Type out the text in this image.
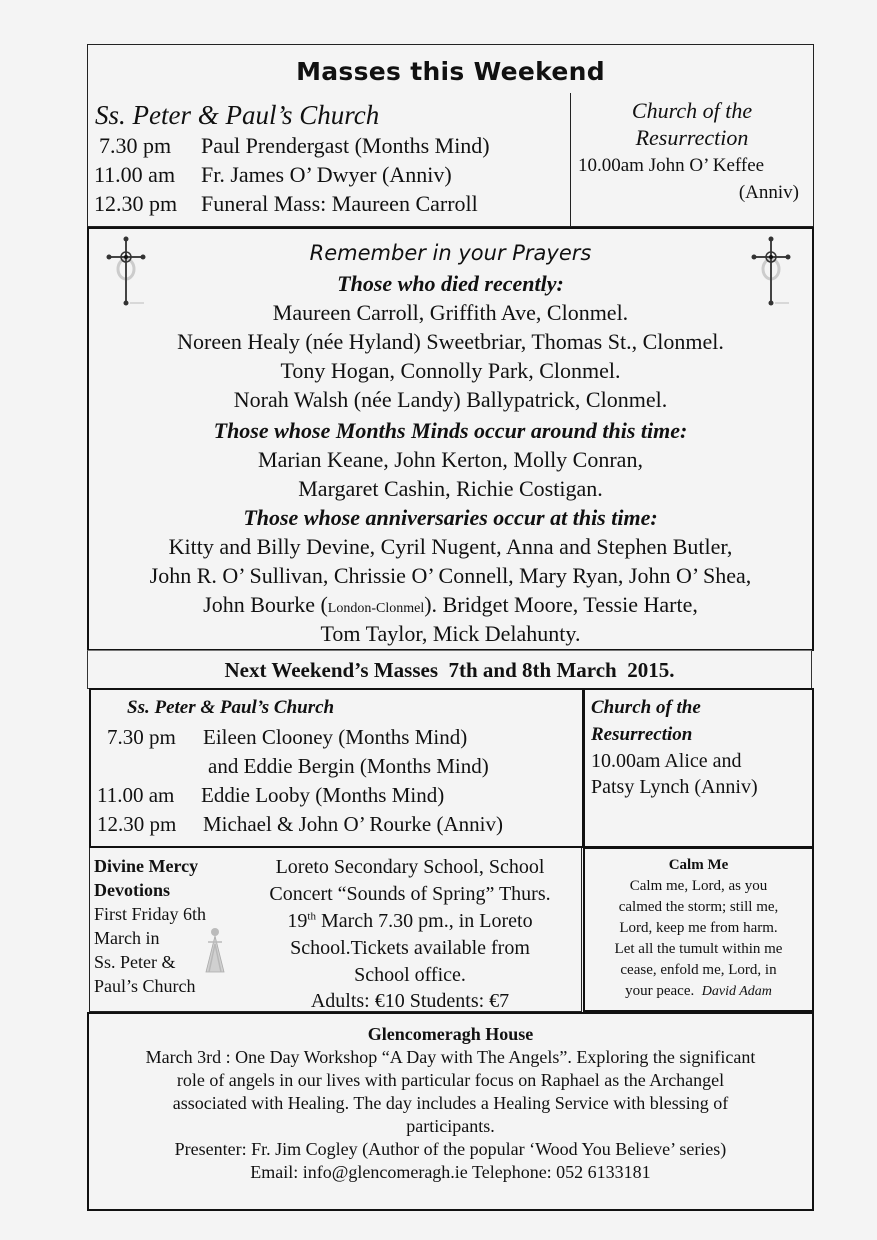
Masses this Weekend
Ss. Peter & Paul’s Church
7.30 pm Paul Prendergast (Months Mind)
11.00 am Fr. James O’ Dwyer (Anniv)
12.30 pm Funeral Mass: Maureen Carroll
Church of the
Resurrection
10.00am John O’ Keffee
(Anniv)
Remember in your Prayers
Those who died recently:
Maureen Carroll, Griffith Ave, Clonmel.
Noreen Healy (née Hyland) Sweetbriar, Thomas St., Clonmel.
Tony Hogan, Connolly Park, Clonmel.
Norah Walsh (née Landy) Ballypatrick, Clonmel.
Those whose Months Minds occur around this time:
Marian Keane, John Kerton, Molly Conran,
Margaret Cashin, Richie Costigan.
Those whose anniversaries occur at this time:
Kitty and Billy Devine, Cyril Nugent, Anna and Stephen Butler,
John R. O’ Sullivan, Chrissie O’ Connell, Mary Ryan, John O’ Shea,
John Bourke (London-Clonmel). Bridget Moore, Tessie Harte,
Tom Taylor, Mick Delahunty.
Next Weekend’s Masses  7th and 8th March  2015.
Ss. Peter & Paul’s Church
7.30 pm Eileen Clooney (Months Mind)
and Eddie Bergin (Months Mind)
11.00 am Eddie Looby (Months Mind)
12.30 pm Michael & John O’ Rourke (Anniv)
Church of the
Resurrection
10.00am Alice and
Patsy Lynch (Anniv)
Divine Mercy
Devotions
First Friday 6th
March in
Ss. Peter &
Paul’s Church
Loreto Secondary School, School
Concert “Sounds of Spring” Thurs.
19th March 7.30 pm., in Loreto
School.Tickets available from
School office.
Adults: €10 Students: €7
Calm Me
Calm me, Lord, as you
calmed the storm; still me,
Lord, keep me from harm.
Let all the tumult within me
cease, enfold me, Lord, in
your peace. David Adam
Glencomeragh House
March 3rd : One Day Workshop “A Day with The Angels”. Exploring the significant
role of angels in our lives with particular focus on Raphael as the Archangel
associated with Healing. The day includes a Healing Service with blessing of
participants.
Presenter: Fr. Jim Cogley (Author of the popular ‘Wood You Believe’ series)
Email: info@glencomeragh.ie Telephone: 052 6133181
